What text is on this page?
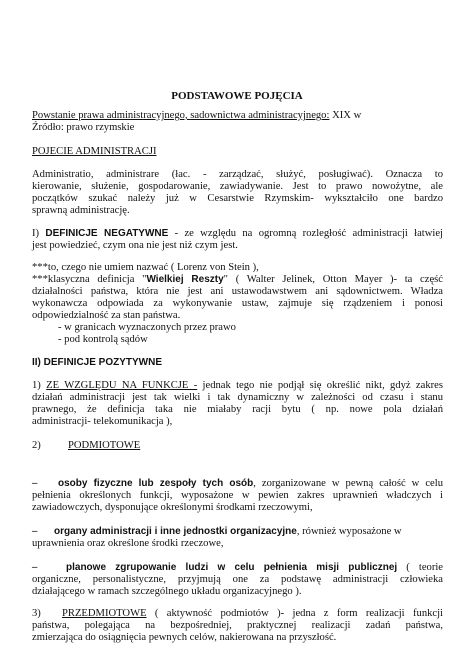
PODSTAWOWE POJĘCIA
Powstanie prawa administracyjnego, sadownictwa administracyjnego: XIX w
Źródło: prawo rzymskie
POJECIE ADMINISTRACJI
Administratio, administrare (łac. - zarządzać, służyć, posługiwać). Oznacza to
kierowanie, służenie, gospodarowanie, zawiadywanie. Jest to prawo nowożytne, ale
początków szukać należy już w Cesarstwie Rzymskim- wykształciło one bardzo
sprawną administrację.
I) DEFINICJE NEGATYWNE - ze względu na ogromną rozległość administracji łatwiej
jest powiedzieć, czym ona nie jest niż czym jest.
***to, czego nie umiem nazwać ( Lorenz von Stein ),
***klasyczna definicja "Wielkiej Reszty" ( Walter Jelinek, Otton Mayer )- ta część
działalności państwa, która nie jest ani ustawodawstwem ani sądownictwem. Władza
wykonawcza odpowiada za wykonywanie ustaw, zajmuje się rządzeniem i ponosi
odpowiedzialność za stan państwa.
- w granicach wyznaczonych przez prawo
- pod kontrolą sądów
II) DEFINICJE POZYTYWNE
1) ZE WZGLĘDU NA FUNKCJE - jednak tego nie podjął się określić nikt, gdyż zakres
działań administracji jest tak wielki i tak dynamiczny w zależności od czasu i stanu
prawnego, że definicja taka nie miałaby racji bytu ( np. nowe pola działań
administracji- telekomunikacja ),
2)	PODMIOTOWE
– osoby fizyczne lub zespoły tych osób, zorganizowane w pewną całość w celu
pełnienia określonych funkcji, wyposażone w pewien zakres uprawnień władczych i
zawiadowczych, dysponujące określonymi środkami rzeczowymi,
– organy administracji i inne jednostki organizacyjne, również wyposażone w
uprawnienia oraz określone środki rzeczowe,
–	planowe zgrupowanie ludzi w celu pełnienia misji publicznej ( teorie
organiczne, personalistyczne, przyjmują one za podstawę administracji człowieka
działającego w ramach szczególnego układu organizacyjnego ).
3) PRZEDMIOTOWE ( aktywność podmiotów )- jedna z form realizacji funkcji
państwa, polegająca na bezpośredniej, praktycznej realizacji zadań państwa,
zmierzająca do osiągnięcia pewnych celów, nakierowana na przyszłość.
